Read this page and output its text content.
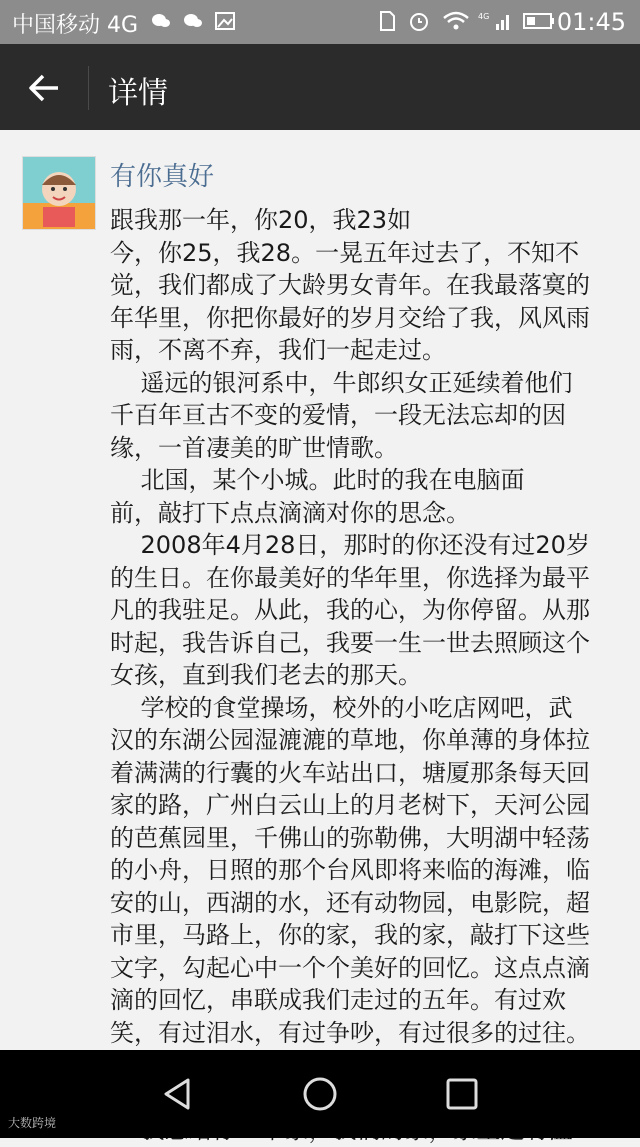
中国移动 4G	4G	01:45
详情
有你真好

跟我那一年，你20，我23如

今，你25，我28。一晃五年过去了，不知不

觉，我们都成了大龄男女青年。在我最落寞的

年华里，你把你最好的岁月交给了我，风风雨

雨，不离不弃，我们一起走过。

遥远的银河系中，牛郎织女正延续着他们

千百年亘古不变的爱情，一段无法忘却的因

缘，一首凄美的旷世情歌。

北国，某个小城。此时的我在电脑面

前，敲打下点点滴滴对你的思念。

2008年4月28日，那时的你还没有过20岁

的生日。在你最美好的华年里，你选择为最平

凡的我驻足。从此，我的心，为你停留。从那

时起，我告诉自己，我要一生一世去照顾这个

女孩，直到我们老去的那天。

学校的食堂操场，校外的小吃店网吧，武

汉的东湖公园湿漉漉的草地，你单薄的身体拉

着满满的行囊的火车站出口，塘厦那条每天回

家的路，广州白云山上的月老树下，天河公园

的芭蕉园里，千佛山的弥勒佛，大明湖中轻荡

的小舟，日照的那个台风即将来临的海滩，临

安的山，西湖的水，还有动物园，电影院，超

市里，马路上，你的家，我的家，敲打下这些

文字，勾起心中一个个美好的回忆。这点点滴

滴的回忆，串联成我们走过的五年。有过欢

笑，有过泪水，有过争吵，有过很多的过往。

大数跨境
